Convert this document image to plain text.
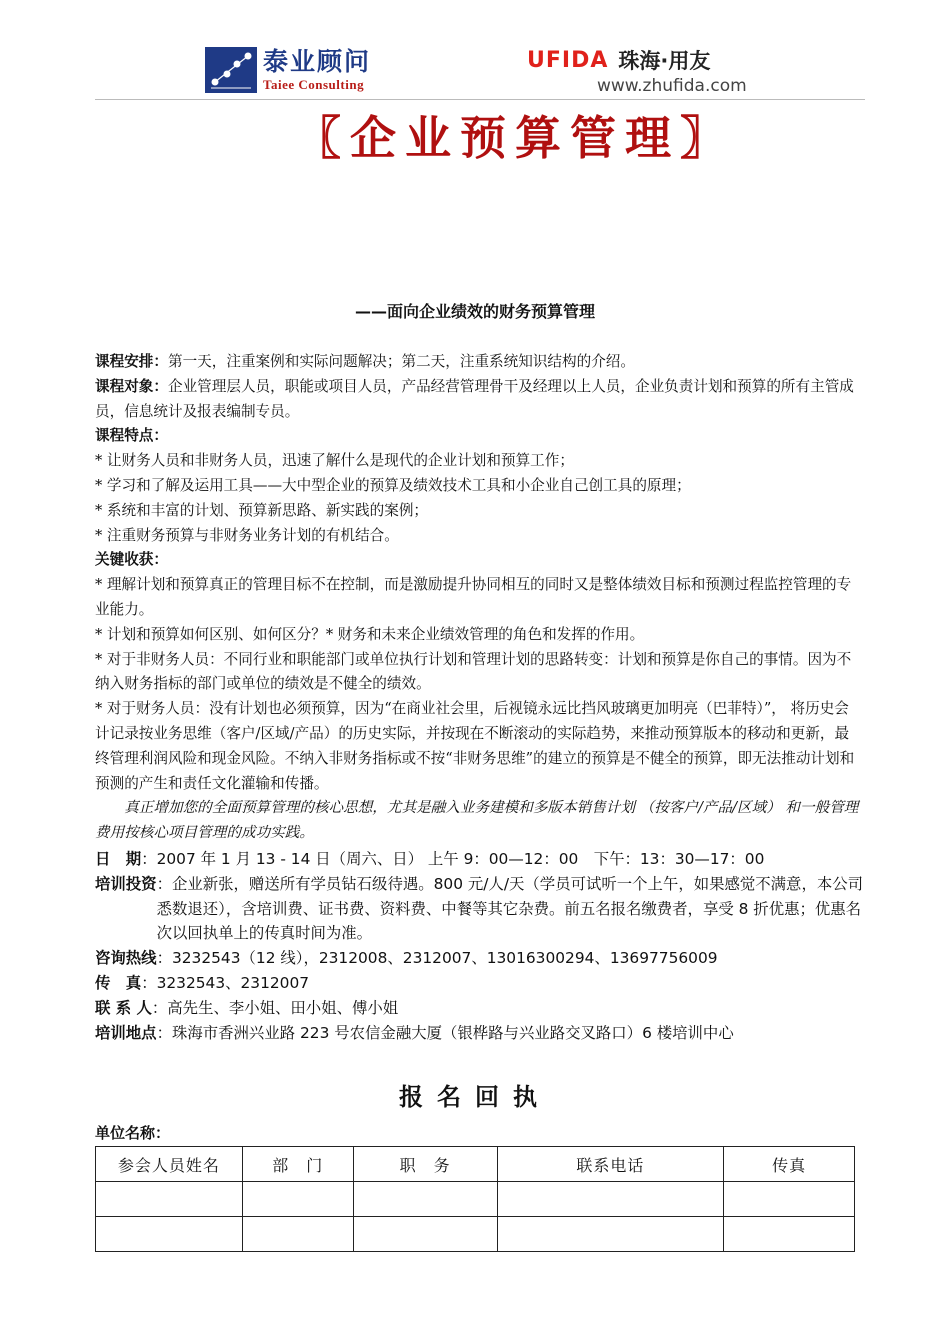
泰业顾问
Taiee Consulting
UFIDA 珠海·用友
www.zhufida.com
〖企业预算管理〗
——面向企业绩效的财务预算管理

课程安排：第一天，注重案例和实际问题解决；第二天，注重系统知识结构的介绍。

课程对象：企业管理层人员，职能或项目人员，产品经营管理骨干及经理以上人员，企业负责计划和预算的所有主管成员，信息统计及报表编制专员。

课程特点：

* 让财务人员和非财务人员，迅速了解什么是现代的企业计划和预算工作；

* 学习和了解及运用工具——大中型企业的预算及绩效技术工具和小企业自己创工具的原理；

* 系统和丰富的计划、预算新思路、新实践的案例；

* 注重财务预算与非财务业务计划的有机结合。

关键收获：

* 理解计划和预算真正的管理目标不在控制，而是激励提升协同相互的同时又是整体绩效目标和预测过程监控管理的专业能力。

* 计划和预算如何区别、如何区分？* 财务和未来企业绩效管理的角色和发挥的作用。

* 对于非财务人员：不同行业和职能部门或单位执行计划和管理计划的思路转变：计划和预算是你自己的事情。因为不纳入财务指标的部门或单位的绩效是不健全的绩效。

* 对于财务人员：没有计划也必须预算，因为“在商业社会里，后视镜永远比挡风玻璃更加明亮（巴菲特）”， 将历史会计记录按业务思维（客户/区域/产品）的历史实际，并按现在不断滚动的实际趋势，来推动预算版本的移动和更新，最终管理利润风险和现金风险。不纳入非财务指标或不按“非财务思维”的建立的预算是不健全的预算，即无法推动计划和预测的产生和责任文化灌输和传播。

真正增加您的全面预算管理的核心思想，尤其是融入业务建模和多版本销售计划 （按客户/产品/区域） 和一般管理费用按核心项目管理的成功实践。

日　期 ：2007 年 1 月 13 - 14 日（周六、日） 上午 9：00—12：00　下午：13：30—17：00
培训投资 ：企业新张，赠送所有学员钻石级待遇。800 元/人/天（学员可试听一个上午，如果感觉不满意，本公司悉数退还），含培训费、证书费、资料费、中餐等其它杂费。前五名报名缴费者，享受 8 折优惠；优惠名次以回执单上的传真时间为准。
咨询热线 ：3232543（12 线），2312008、2312007、13016300294、13697756009
传　真 ：3232543、2312007
联 系 人 ：高先生、李小姐、田小姐、傅小姐
培训地点 ：珠海市香洲兴业路 223 号农信金融大厦（银桦路与兴业路交叉路口）6 楼培训中心
报名回执
单位名称：
参会人员姓名	部　门	职　务	联系电话	传真
